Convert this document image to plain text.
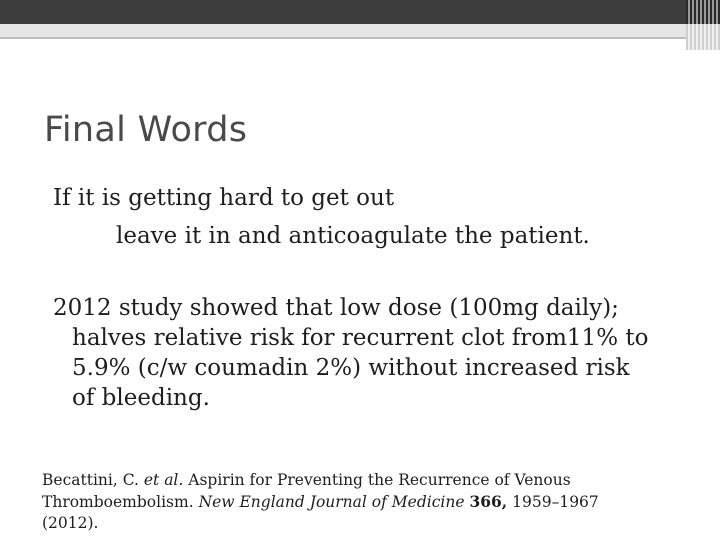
Final Words
If it is getting hard to get out
leave it in and anticoagulate the patient.
2012 study showed that low dose (100mg daily);
halves relative risk for recurrent clot from11% to
5.9% (c/w coumadin 2%) without increased risk
of bleeding.
Becattini, C. et al. Aspirin for Preventing the Recurrence of Venous
Thromboembolism. New England Journal of Medicine 366, 1959–1967
(2012).
